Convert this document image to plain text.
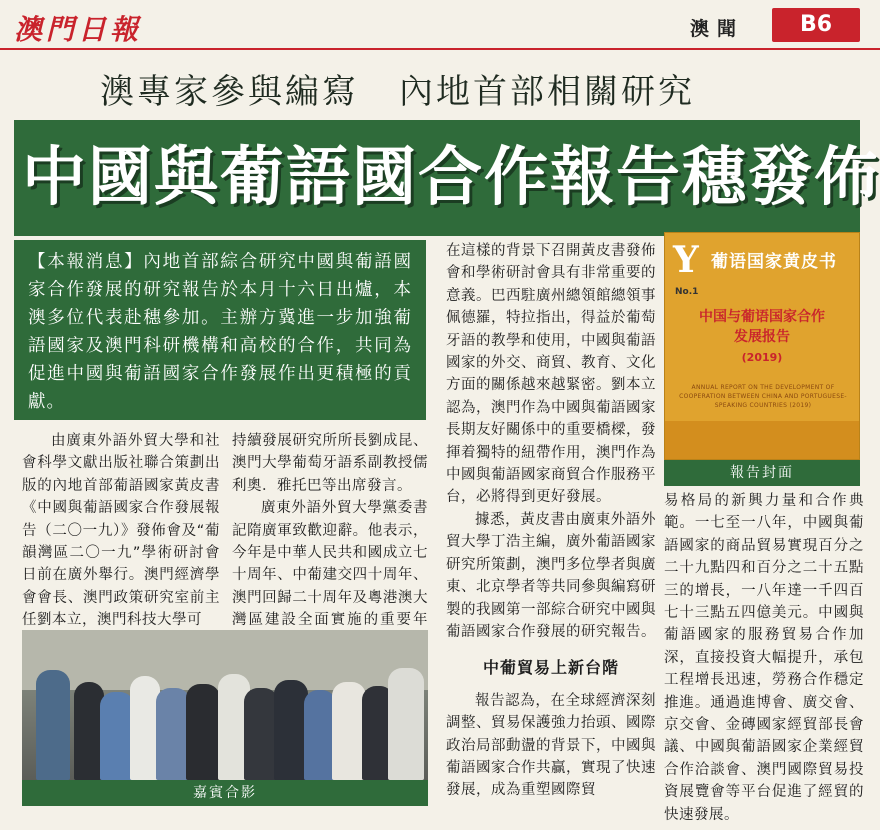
澳門日報	澳聞	B6
澳專家參與編寫 內地首部相關研究
中國與葡語國合作報告穗發佈

【本報消息】內地首部綜合研究中國與葡語國家合作發展的研究報告於本月十六日出爐，本澳多位代表赴穗參加。主辦方冀進一步加強葡語國家及澳門科研機構和高校的合作，共同為促進中國與葡語國家合作發展作出更積極的貢獻。

由廣東外語外貿大學和社會科學文獻出版社聯合策劃出版的內地首部葡語國家黃皮書《中國與葡語國家合作發展報告（二〇一九）》發佈會及“葡韻灣區二〇一九”學術研討會日前在廣外舉行。澳門經濟學會會長、澳門政策研究室前主任劉本立，澳門科技大學可

持續發展研究所所長劉成昆、澳門大學葡萄牙語系副教授儒利奧．雅托巴等出席發言。

廣東外語外貿大學黨委書記隋廣軍致歡迎辭。他表示，今年是中華人民共和國成立七十周年、中葡建交四十周年、澳門回歸二十周年及粵港澳大灣區建設全面實施的重要年

在這樣的背景下召開黃皮書發佈會和學術研討會具有非常重要的意義。巴西駐廣州總領館總領事佩德羅，特拉指出，得益於葡萄牙語的教學和使用，中國與葡語國家的外交、商貿、教育、文化方面的關係越來越緊密。劉本立認為，澳門作為中國與葡語國家長期友好關係中的重要橋樑，發揮着獨特的紐帶作用，澳門作為中國與葡語國家商貿合作服務平台，必將得到更好發展。

據悉，黃皮書由廣東外語外貿大學丁浩主編，廣外葡語國家研究所策劃，澳門多位學者與廣東、北京學者等共同參與編寫研製的我國第一部綜合研究中國與葡語國家合作發展的研究報告。

中葡貿易上新台階

報告認為，在全球經濟深刻調整、貿易保護強力抬頭、國際政治局部動盪的背景下，中國與葡語國家合作共贏，實現了快速發展，成為重塑國際貿

Y 葡语国家黄皮书
No.1
中国与葡语国家合作
发展报告
(2019)
ANNUAL REPORT ON THE DEVELOPMENT OF COOPERATION BETWEEN CHINA AND PORTUGUESE-SPEAKING COUNTRIES (2019)
報告封面

易格局的新興力量和合作典範。一七至一八年，中國與葡語國家的商品貿易實現百分之二十九點四和百分之二十五點三的增長，一八年達一千四百七十三點五四億美元。中國與葡語國家的服務貿易合作加深，直接投資大幅提升，承包工程增長迅速，勞務合作穩定推進。通過進博會、廣交會、京交會、金磚國家經貿部長會議、中國與葡語國家企業經貿合作洽談會、澳門國際貿易投資展覽會等平台促進了經貿的快速發展。

嘉賓合影
